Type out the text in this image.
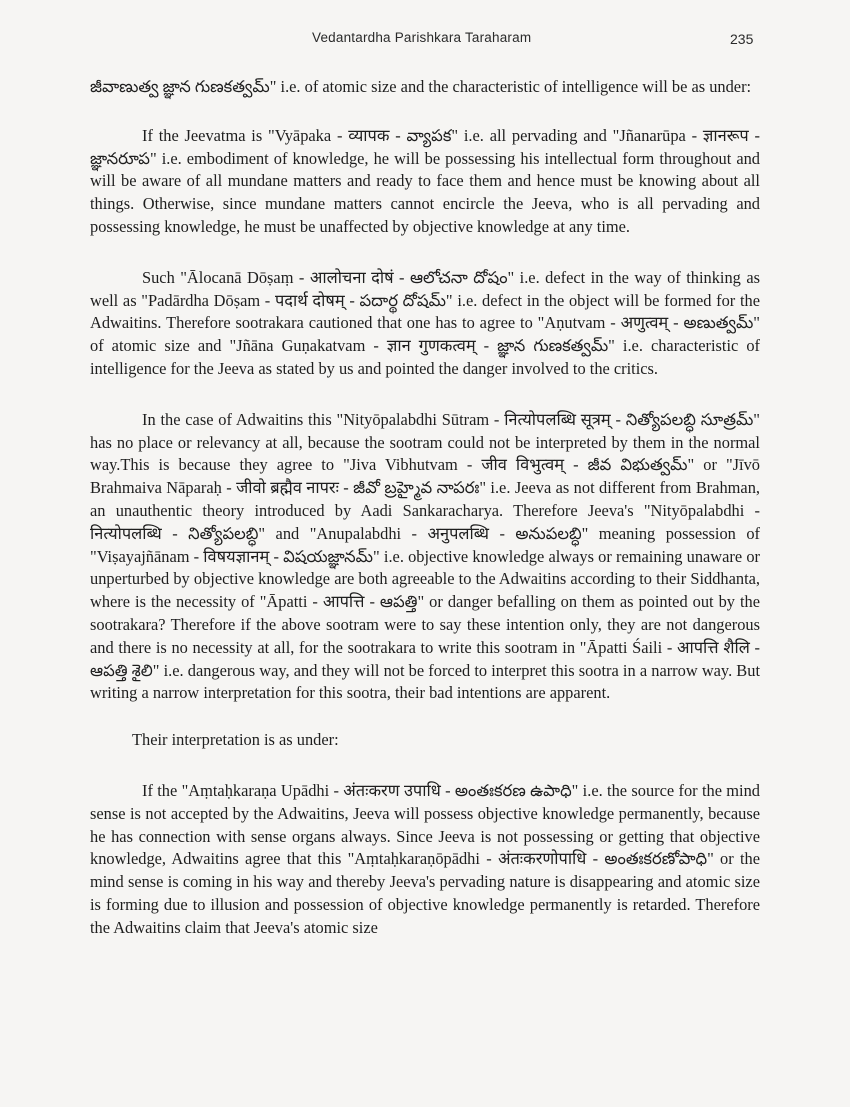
Vedantardha Parishkara Taraharam	235

జీవాణుత్వ జ్ఞాన గుణకత్వమ్" i.e. of atomic size and the characteristic of intelligence will be as under:

If the Jeevatma is "Vyāpaka - व्यापक - వ్యాపక" i.e. all pervading and "Jñanarūpa - ज्ञानरूप - జ్ఞానరూప" i.e. embodiment of knowledge, he will be possessing his intellectual form throughout and will be aware of all mundane matters and ready to face them and hence must be knowing about all things. Otherwise, since mundane matters cannot encircle the Jeeva, who is all pervading and possessing knowledge, he must be unaffected by objective knowledge at any time.

Such "Ālocanā Dōṣaṃ - आलोचना दोषं - ఆలోచనా దోషం" i.e. defect in the way of thinking as well as "Padārdha Dōṣam - पदार्थ दोषम् - పదార్థ దోషమ్" i.e. defect in the object will be formed for the Adwaitins. Therefore sootrakara cautioned that one has to agree to "Aṇutvam - अणुत्वम् - అణుత్వమ్" of atomic size and "Jñāna Guṇakatvam - ज्ञान गुणकत्वम् - జ్ఞాన గుణకత్వమ్" i.e. characteristic of intelligence for the Jeeva as stated by us and pointed the danger involved to the critics.

In the case of Adwaitins this "Nityōpalabdhi Sūtram - नित्योपलब्धि सूत्रम् - నిత్యోపలబ్ధి సూత్రమ్" has no place or relevancy at all, because the sootram could not be interpreted by them in the normal way.This is because they agree to "Jiva Vibhutvam - जीव विभुत्वम् - జీవ విభుత్వమ్" or "Jīvō Brahmaiva Nāparaḥ - जीवो ब्रह्मैव नापरः - జీవో బ్రహ్మైవ నాపరః" i.e. Jeeva as not different from Brahman, an unauthentic theory introduced by Aadi Sankaracharya. Therefore Jeeva's "Nityōpalabdhi - नित्योपलब्धि - నిత్యోపలబ్ధి" and "Anupalabdhi - अनुपलब्धि - అనుపలబ్ధి" meaning possession of "Viṣayajñānam - विषयज्ञानम् - విషయజ్ఞానమ్" i.e. objective knowledge always or remaining unaware or unperturbed by objective knowledge are both agreeable to the Adwaitins according to their Siddhanta, where is the necessity of "Āpatti - आपत्ति - ఆపత్తి" or danger befalling on them as pointed out by the sootrakara? Therefore if the above sootram were to say these intention only, they are not dangerous and there is no necessity at all, for the sootrakara to write this sootram in "Āpatti Śaili - आपत्ति शैलि - ఆపత్తి శైలి" i.e. dangerous way, and they will not be forced to interpret this sootra in a narrow way. But writing a narrow interpretation for this sootra, their bad intentions are apparent.

Their interpretation is as under:

If the "Aṃtaḥkaraṇa Upādhi - अंतःकरण उपाधि - అంతఃకరణ ఉపాధి" i.e. the source for the mind sense is not accepted by the Adwaitins, Jeeva will possess objective knowledge permanently, because he has connection with sense organs always. Since Jeeva is not possessing or getting that objective knowledge, Adwaitins agree that this "Aṃtaḥkaraṇōpādhi - अंतःकरणोपाधि - అంతఃకరణోపాధి" or the mind sense is coming in his way and thereby Jeeva's pervading nature is disappearing and atomic size is forming due to illusion and possession of objective knowledge permanently is retarded. Therefore the Adwaitins claim that Jeeva's atomic size
